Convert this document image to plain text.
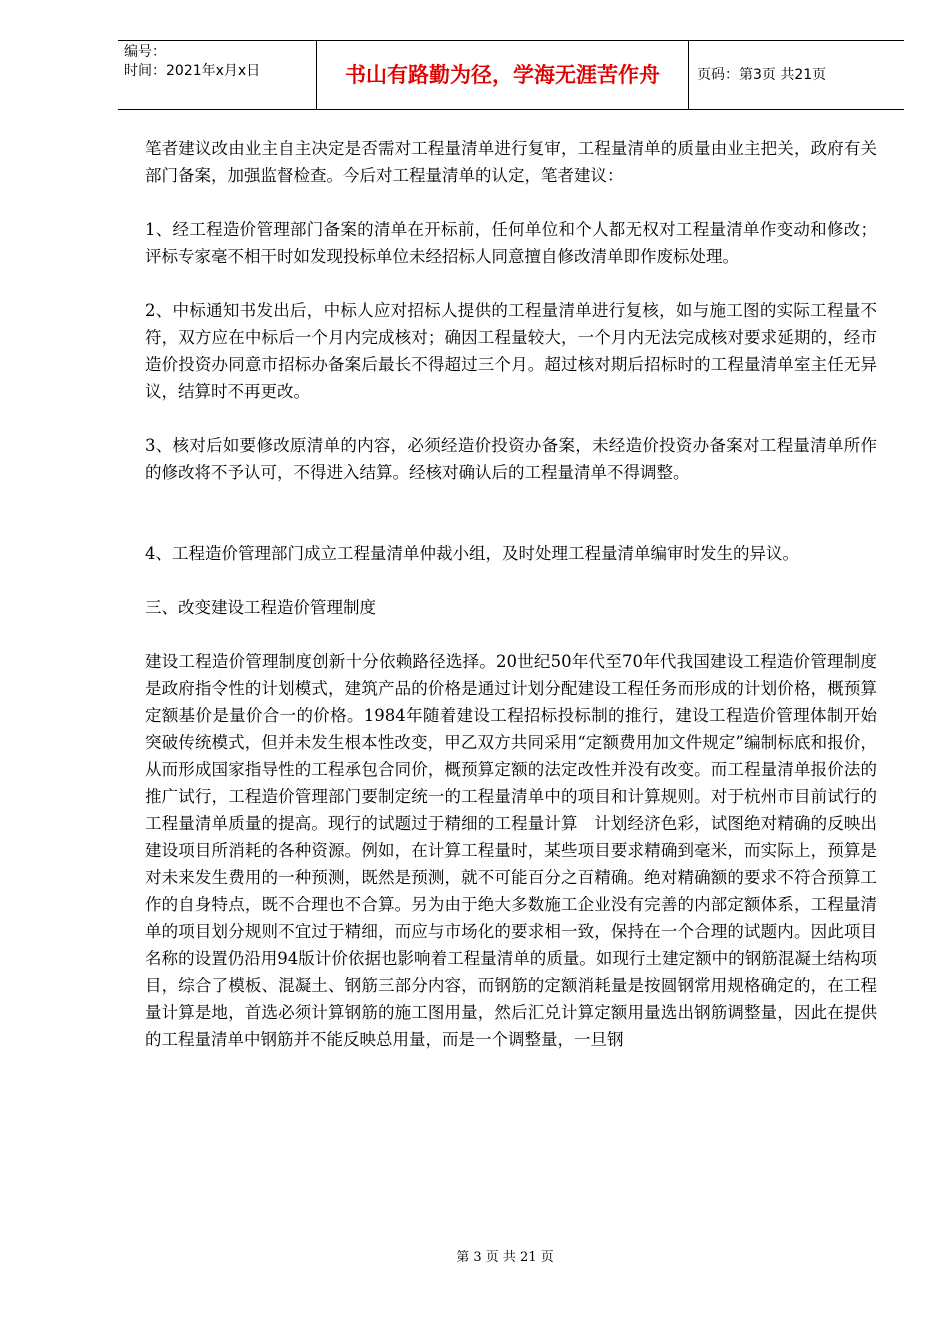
编号：
时间：2021年x月x日	书山有路勤为径，学海无涯苦作舟	页码：第3页 共21页

笔者建议改由业主自主决定是否需对工程量清单进行复审，工程量清单的质量由业主把关，政府有关部门备案，加强监督检查。今后对工程量清单的认定，笔者建议：

1、经工程造价管理部门备案的清单在开标前，任何单位和个人都无权对工程量清单作变动和修改；评标专家毫不相干时如发现投标单位未经招标人同意擅自修改清单即作废标处理。

2、中标通知书发出后，中标人应对招标人提供的工程量清单进行复核，如与施工图的实际工程量不符，双方应在中标后一个月内完成核对；确因工程量较大，一个月内无法完成核对要求延期的，经市造价投资办同意市招标办备案后最长不得超过三个月。超过核对期后招标时的工程量清单室主任无异议，结算时不再更改。

3、核对后如要修改原清单的内容，必须经造价投资办备案，未经造价投资办备案对工程量清单所作的修改将不予认可，不得进入结算。经核对确认后的工程量清单不得调整。

4、工程造价管理部门成立工程量清单仲裁小组，及时处理工程量清单编审时发生的异议。

三、改变建设工程造价管理制度

建设工程造价管理制度创新十分依赖路径选择。20世纪50年代至70年代我国建设工程造价管理制度是政府指令性的计划模式，建筑产品的价格是通过计划分配建设工程任务而形成的计划价格，概预算定额基价是量价合一的价格。1984年随着建设工程招标投标制的推行，建设工程造价管理体制开始突破传统模式，但并未发生根本性改变，甲乙双方共同采用“定额费用加文件规定”编制标底和报价，从而形成国家指导性的工程承包合同价，概预算定额的法定改性并没有改变。而工程量清单报价法的推广试行，工程造价管理部门要制定统一的工程量清单中的项目和计算规则。对于杭州市目前试行的工程量清单质量的提高。现行的试题过于精细的工程量计算　计划经济色彩，试图绝对精确的反映出建设项目所消耗的各种资源。例如，在计算工程量时，某些项目要求精确到毫米，而实际上，预算是对未来发生费用的一种预测，既然是预测，就不可能百分之百精确。绝对精确额的要求不符合预算工作的自身特点，既不合理也不合算。另为由于绝大多数施工企业没有完善的内部定额体系，工程量清单的项目划分规则不宜过于精细，而应与市场化的要求相一致，保持在一个合理的试题内。因此项目名称的设置仍沿用94版计价依据也影响着工程量清单的质量。如现行土建定额中的钢筋混凝土结构项目，综合了模板、混凝土、钢筋三部分内容，而钢筋的定额消耗量是按圆钢常用规格确定的，在工程量计算是地，首选必须计算钢筋的施工图用量，然后汇兑计算定额用量选出钢筋调整量，因此在提供的工程量清单中钢筋并不能反映总用量，而是一个调整量，一旦钢

第 3 页 共 21 页
